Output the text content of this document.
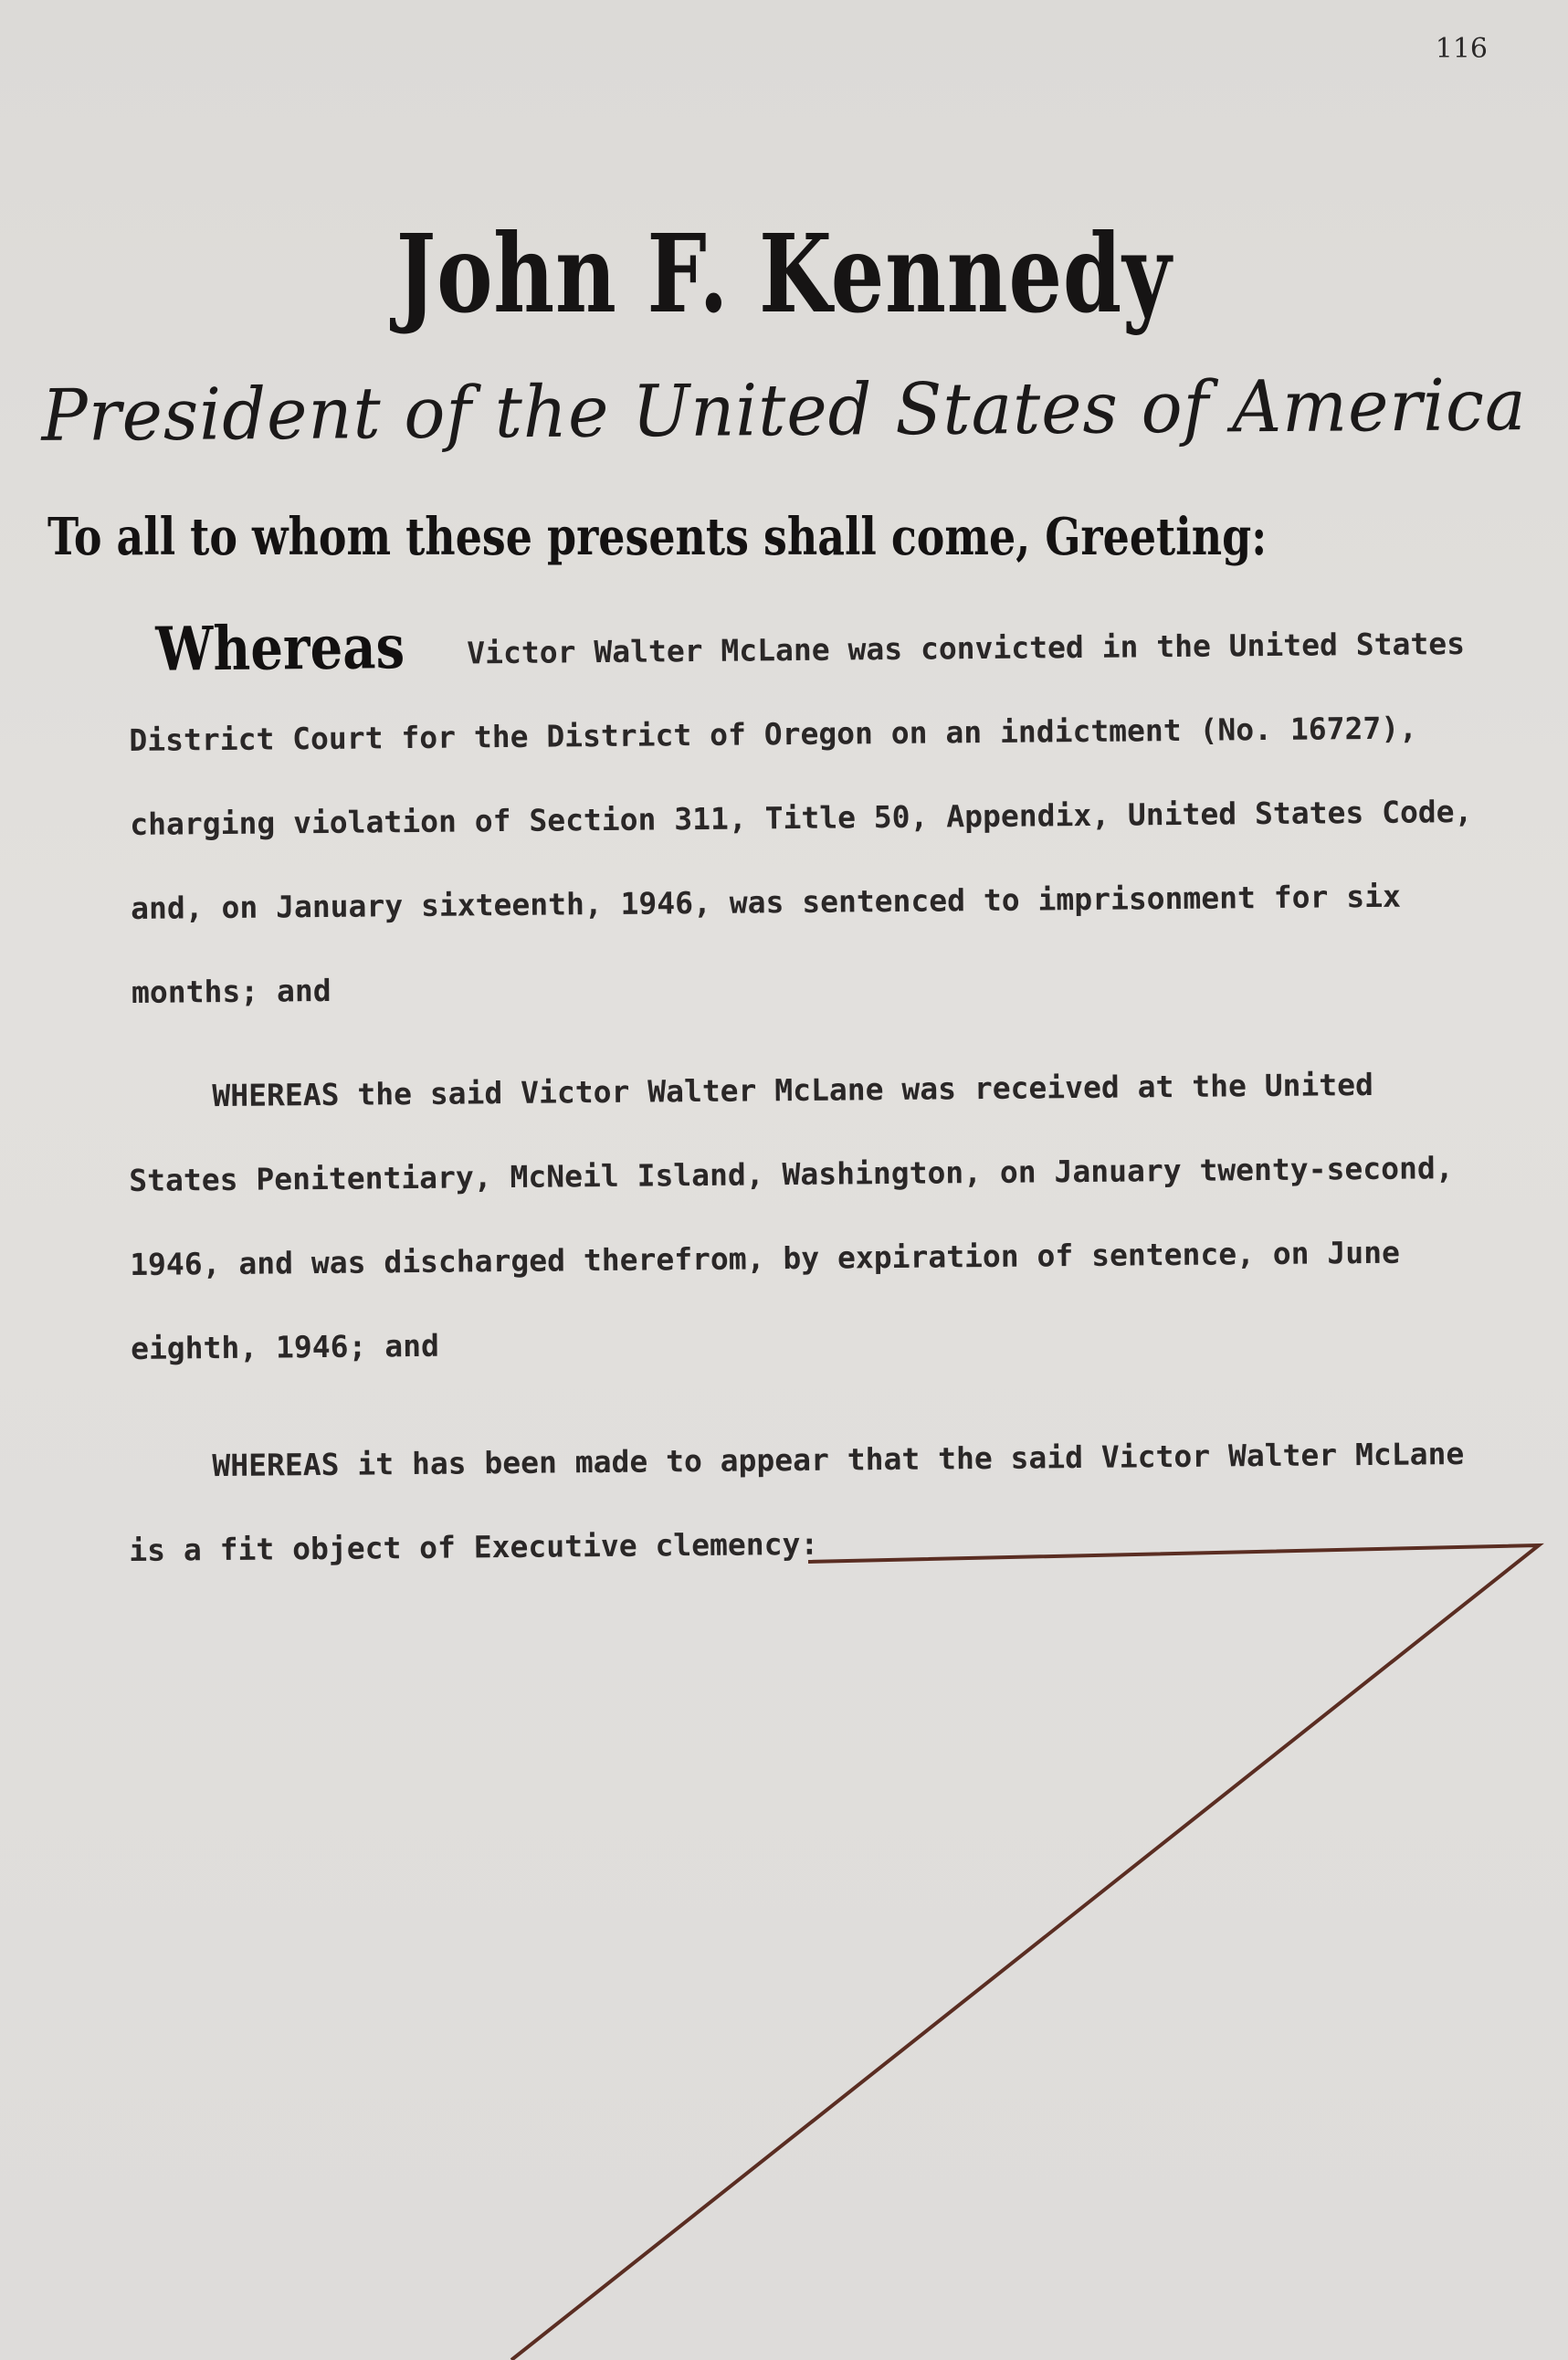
116
John F. Kennedy
President of the United States of America
To all to whom these presents shall come, Greeting:
Whereas Victor Walter McLane was convicted in the United States
District Court for the District of Oregon on an indictment (No. 16727),
charging violation of Section 311, Title 50, Appendix, United States Code,
and, on January sixteenth, 1946, was sentenced to imprisonment for six
months; and
WHEREAS the said Victor Walter McLane was received at the United
States Penitentiary, McNeil Island, Washington, on January twenty-second,
1946, and was discharged therefrom, by expiration of sentence, on June
eighth, 1946; and
WHEREAS it has been made to appear that the said Victor Walter McLane
is a fit object of Executive clemency:
